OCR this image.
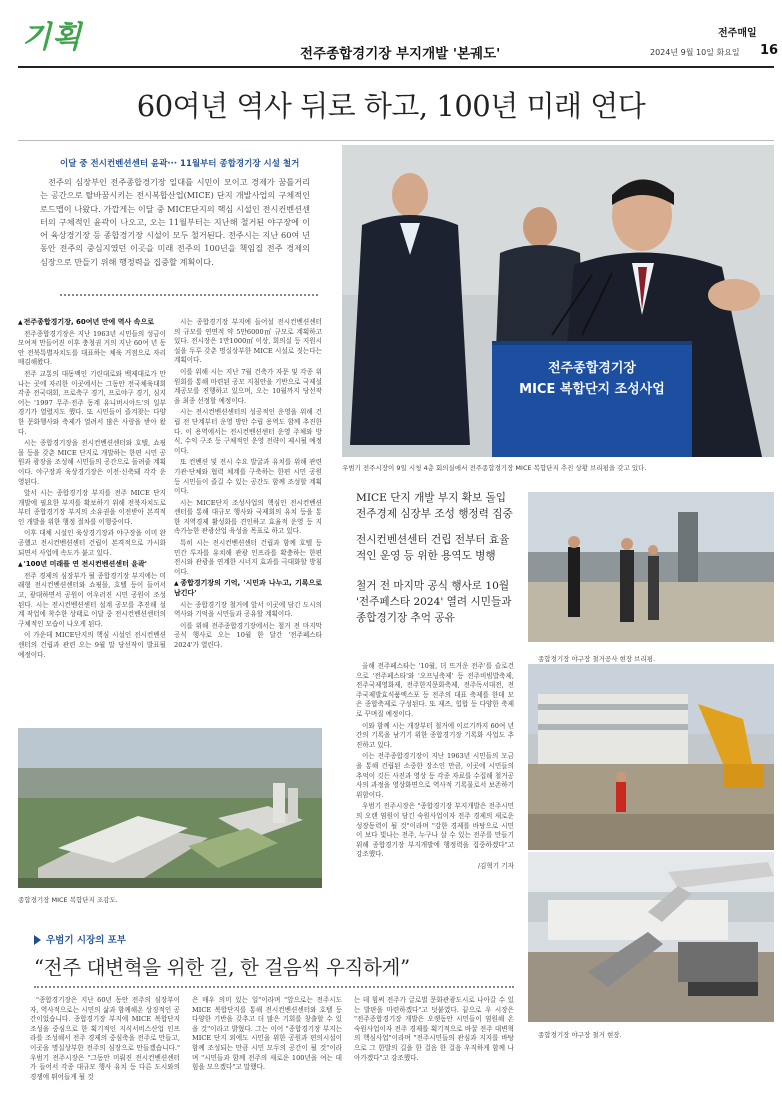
기획	전주종합경기장 부지개발 '본궤도'
전주매일
2024년 9월 10일 화요일 16
60여년 역사 뒤로 하고, 100년 미래 연다
이달 중 전시컨벤션센터 윤곽··· 11월부터 종합경기장 시설 철거
전주의 심장부인 전주종합경기장 일대를 시민이 모이고 경제가 꿈틀거리는 공간으로 탈바꿈시키는 전시복합산업(MICE) 단지 개발사업의 구체적인 로드맵이 나왔다. 가깝게는 이달 중 MICE단지의 핵심 시설인 전시컨벤션센터의 구체적인 윤곽이 나오고, 오는 11월부터는 지난해 철거된 야구장에 이어 육상경기장 등 종합경기장 시설이 모두 철거된다. 전주시는 지난 60여 년 동안 전주의 중심지였던 이곳을 미래 전주의 100년을 책임질 전주 경제의 심장으로 만들기 위해 행정력을 집중할 계획이다.
전주종합경기장
MICE 복합단지 조성사업
우범기 전주시장이 9일 시청 4층 회의실에서 전주종합경기장 MICE 복합단지 추진 상황 브리핑을 갖고 있다.

▲ 전주종합경기장, 60여년 만에 역사 속으로

전주종합경기장은 지난 1963년 시민들의 성금이 모여져 만들어진 이후 충청권 거의 지난 60여 년 동안 전북특별자치도를 대표하는 체육 거점으로 자리매김해왔다.

전주 교통의 대동맥인 기린대로와 백제대로가 만나는 곳에 자리한 이곳에서는 그동안 전국체육대회 각종 전국대회, 프로축구 경기, 프로야구 경기, 심지어는 '1997 무주·전주 동계 유니버시아드'의 일부 경기가 열렸지도 했다. 또 시민들이 즐겨찾는 다양한 문화행사와 축제가 열려서 많은 사랑을 받아 왔다.

시는 종합경기장을 전시컨벤션센터와 호텔, 쇼핑몰 등을 갖춘 MICE 단지로 개발하는 한편 시민 공원과 광장을 조성해 시민들의 공간으로 돌려줄 계획이다. 야구장과 육상경기장은 이전·신축돼 각각 운영된다.

앞서 시는 종합경기장 부지를 전주 MICE 단지 개발에 필요한 부지를 확보하기 위해 전북자치도로부터 종합경기장 부지의 소유권을 이전받아 본격적인 개발을 위한 행정 절차를 이행중이다.

이후 대체 시설인 육상경기장과 야구장을 이미 완공했고 전시컨벤션센터 건립이 본격적으로 가시화되면서 사업에 속도가 붙고 있다.

▲ '100년 미래를 연 전시컨벤션센터 윤곽'

전주 경제의 심장부가 될 종합경기장 부지에는 미래형 전시컨벤션센터와 쇼핑몰, 호텔 등이 들어서고, 광대하면서 공원이 어우러진 시민 공원이 조성된다. 시는 전시컨벤션센터 설계 공모를 추진해 설계 작업에 착수한 상태로 이달 중 전시컨벤션센터의 구체적인 모습이 나오게 된다.

이 가운데 MICE단지의 핵심 시설인 전시컨벤션센터의 건립과 관련 오는 9월 말 당선작이 발표될 예정이다.

시는 종합경기장 부지에 들어설 전시컨벤션센터의 규모를 연면적 약 5만6000㎡ 규모로 계획하고 있다. 전시장은 1만1000㎡ 이상, 회의실 등 지원시설을 두루 갖춘 명실상부한 MICE 시설로 짓는다는 계획이다.

이를 위해 시는 지난 7월 건축가 자문 및 각종 위원회를 통해 마련된 공모 지침안을 기반으로 국제설계공모를 진행하고 있으며, 오는 10월까지 당선작을 최종 선정할 예정이다.

시는 전시컨벤션센터의 성공적인 운영을 위해 건립 전 단계부터 운영 방안 수립 용역도 함께 추진한다. 이 용역에서는 전시컨벤션센터 운영 주체와 방식, 수익 구조 등 구체적인 운영 전략이 제시될 예정이다.

또 컨벤션 및 전시 수요 발굴과 유치를 위해 관련 기관·단체와 협력 체계를 구축하는 한편 시민 공원 등 시민들이 즐길 수 있는 공간도 함께 조성할 계획이다.

시는 MICE단지 조성사업의 핵심인 전시컨벤션센터를 통해 대규모 행사와 국제회의 유치 등을 통한 지역경제 활성화를 견인하고 효율적 운영 등 지속가능한 관광산업 육성을 목표로 하고 있다.

특히 시는 전시컨벤션센터 건립과 함께 호텔 등 민간 투자를 유치해 관광 인프라를 확충하는 한편 전시와 관광을 연계한 시너지 효과를 극대화할 방침이다.

▲ 종합경기장의 기억, '시민과 나누고, 기록으로 남긴다'

시는 종합경기장 철거에 앞서 이곳에 담긴 도시의 역사와 기억을 시민들과 공유할 계획이다.

이를 위해 전주종합경기장에서는 철거 전 마지막 공식 행사로 오는 10월 한 달간 '전주페스타 2024'가 열린다.

종합경기장 MICE 복합단지 조감도.
MICE 단지 개발 부지 확보 돌입 전주경제 심장부 조성 행정력 집중
전시컨벤션센터 건립 전부터 효율적인 운영 등 위한 용역도 병행
철거 전 마지막 공식 행사로 10월 '전주페스타 2024' 열려 시민들과 종합경기장 추억 공유
종합경기장 야구장 철거공사 현장 브리핑.

올해 전주페스타는 '10월, 더 뜨거운 전주'를 슬로건으로 '전주페스타'와 '오프닝축제' 등 전주비빔밥축제, 전주국제영화제, 전주한지문화축제, 전주독서대전, 전주국제발효식품엑스포 등 전주의 대표 축제를 한데 모은 종합축제로 구성된다. 또 재즈, 힙합 등 다양한 축제로 꾸며질 예정이다.

이와 함께 시는 개장부터 철거에 이르기까지 60여 년간의 기록을 남기기 위한 종합경기장 기록화 사업도 추진하고 있다.

이는 전주종합경기장이 지난 1963년 시민들의 모금을 통해 건립된 소중한 장소인 만큼, 이곳에 시민들의 추억이 깃든 사진과 영상 등 각종 자료를 수집해 철거공사의 과정을 영상화면으로 역사적 기록물로서 보존하기 위함이다.

우범기 전주시장은 "종합경기장 부지개발은 전주시민의 오랜 염원이 담긴 숙원사업이자 전주 경제의 새로운 성장동력이 될 것"이라며 "강한 경제를 바탕으로 시민이 보다 빛나는 전주, 누구나 살 수 있는 전주를 만들기 위해 종합경기장 부지개발에 행정력을 집중하겠다"고 강조했다.

/김혁기 기자

종합경기장 야구장 철거 현장.
우범기 시장의 포부
“전주 대변혁을 위한 길, 한 걸음씩 우직하게”

"종합경기장은 지난 60년 동안 전주의 심장부이자, 역사적으로는 시민의 삶과 함께해온 상징적인 공간이었습니다. 종합경기장 부지에 MICE 복합단지 조성을 중심으로 한 획기적인 지식서비스산업 인프라를 조성해서 전주 경제의 중심축을 전주로 만들고, 이곳을 명실상부한 전주의 심장으로 만들겠습니다." 우범기 전주시장은 "그동안 미뤄진 전시컨벤션센터가 들어서 각종 대규모 행사 유치 등 다른 도시와의 경쟁에 뛰어들게 될 것

은 매우 의미 있는 일"이라며 "앞으로는 전주시도 MICE 복합단지를 통해 전시컨벤션센터와 호텔 등 다양한 기반을 갖추고 더 많은 기회를 창출할 수 있을 것"이라고 밝혔다. 그는 이어 "종합경기장 부지는 MICE 단지 외에도 시민을 위한 공원과 편의시설이 함께 조성되는 만큼 시민 모두의 공간이 될 것"이라며 "시민들과 함께 전주의 새로운 100년을 여는 데 힘을 모으겠다"고 말했다.

는 데 힘써 전주가 글로벌 문화관광도시로 나아갈 수 있는 발판을 마련하겠다"고 덧붙였다. 끝으로 우 시장은 "전주종합경기장 개발은 오랫동안 시민들이 염원해 온 숙원사업이자 전주 경제를 획기적으로 바꿀 전주 대변혁의 핵심사업"이라며 "전주시민들의 관심과 지지를 바탕으로 그 한발의 길을 한 걸음 한 걸음 우직하게 함께 나아가겠다"고 강조했다.
